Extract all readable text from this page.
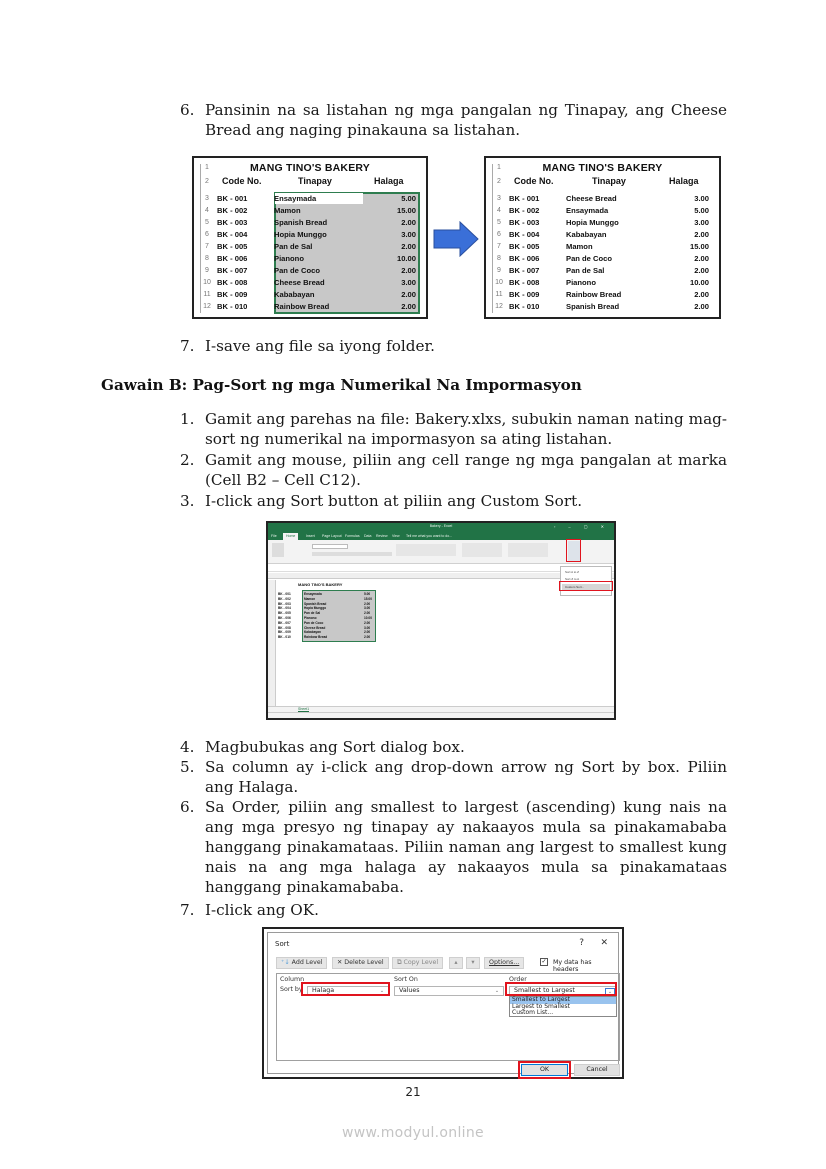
6. Pansinin na sa listahan ng mga pangalan ng Tinapay, ang Cheese Bread ang naging pinakauna sa listahan.
MANG TINO'S BAKERY
1
2	Code No.	Tinapay	Halaga
3	BK - 001	Ensaymada	5.00
4	BK - 002	Mamon	15.00
5	BK - 003	Spanish Bread	2.00
6	BK - 004	Hopia Munggo	3.00
7	BK - 005	Pan de Sal	2.00
8	BK - 006	Pianono	10.00
9	BK - 007	Pan de Coco	2.00
10 BK - 008	Cheese Bread	3.00
11 BK - 009	Kababayan	2.00
12 BK - 010	Rainbow Bread	2.00
MANG TINO'S BAKERY
1
2	Code No.	Tinapay	Halaga
3	BK - 001	Cheese Bread	3.00
4	BK - 002	Ensaymada	5.00
5	BK - 003	Hopia Munggo	3.00
6	BK - 004	Kababayan	2.00
7	BK - 005	Mamon	15.00
8	BK - 006	Pan de Coco	2.00
9	BK - 007	Pan de Sal	2.00
10 BK - 008	Pianono	10.00
11 BK - 009	Rainbow Bread	2.00
12 BK - 010	Spanish Bread	2.00
7. I-save ang file sa iyong folder.
Gawain B: Pag-Sort ng mga Numerikal Na Impormasyon
1. Gamit ang parehas na file: Bakery.xlxs, subukin naman nating mag-sort ng numerikal na impormasyon sa ating listahan.
2. Gamit ang mouse, piliin ang cell range ng mga pangalan at marka (Cell B2 – Cell C12).
3. I-click ang Sort button at piliin ang Custom Sort.
Bakery - Excel	▫ – ▢ ✕
File	Home	Insert Page Layout Formulas Data Review View Tell me what you want to do...
MANG TINO'S BAKERY
BK - 001	Ensaymada	5.00
BK - 002	Mamon	15.00
BK - 003	Spanish Bread	2.00
BK - 004	Hopia Munggo	3.00
BK - 005	Pan de Sal	2.00
BK - 006	Pianono	10.00
BK - 007	Pan de Coco	2.00
BK - 008	Cheese Bread	3.00
BK - 009	Kababayan	2.00
BK - 010	Rainbow Bread	2.00
Sort A to Z
Sort Z to A
Custom Sort...
Sheet1
4. Magbubukas ang Sort dialog box.
5. Sa column ay i-click ang drop-down arrow ng Sort by box. Piliin ang Halaga.
6. Sa Order, piliin ang smallest to largest (ascending) kung nais na ang mga presyo ng tinapay ay nakaayos mula sa pinakamababa hanggang pinakamataas. Piliin naman ang largest to smallest kung nais na ang mga halaga ay nakaayos mula sa pinakamataas hanggang pinakamababa.
7. I-click ang OK.
Sort	? ✕
⁺↓ Add Level	✕ Delete Level	⧉ Copy Level	▴	▾	Options...	✓ My data has headers
Column	Sort On	Order
Sort by	Halaga	⌄	Values	⌄	Smallest to Largest	⌄
Smallest to Largest
Largest to Smallest
Custom List...
OK	Cancel
21
www.modyul.online
